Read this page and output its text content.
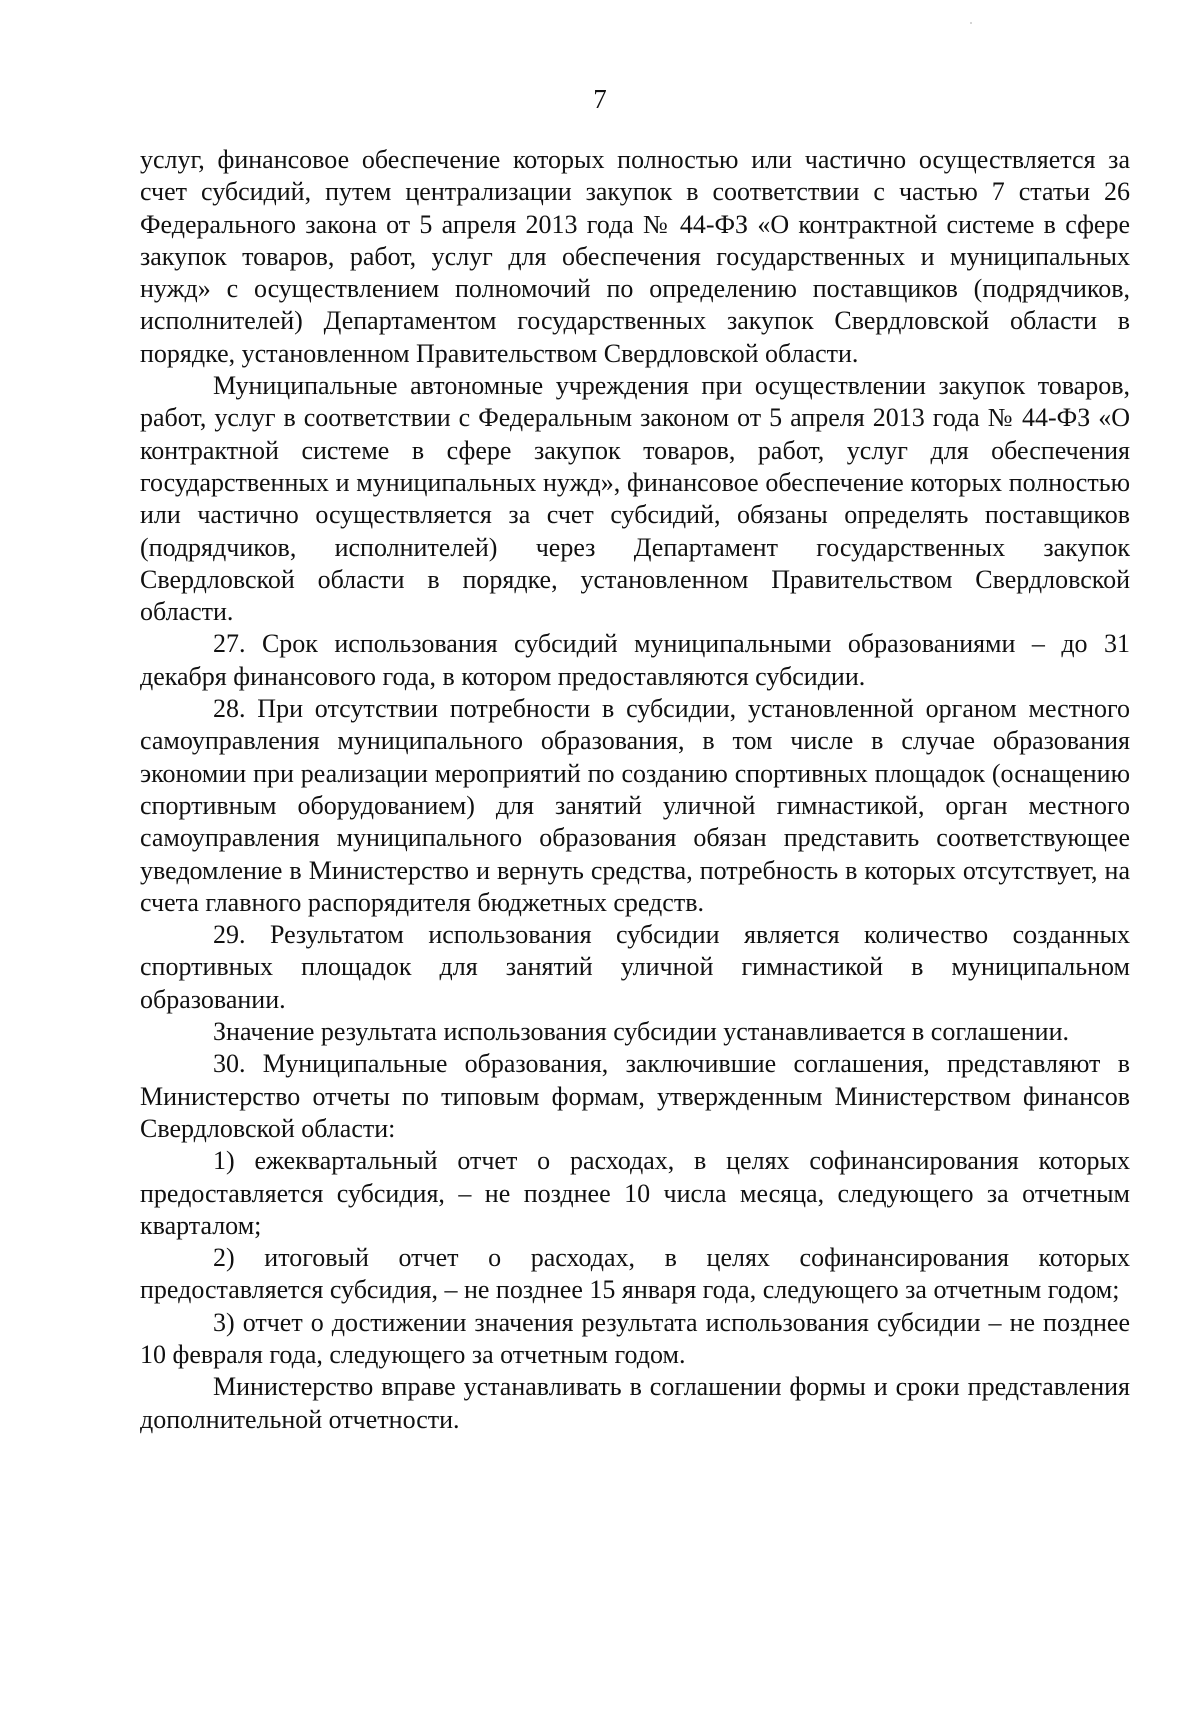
7

услуг, финансовое обеспечение которых полностью или частично осуществляется за счет субсидий, путем централизации закупок в соответствии с частью 7 статьи 26 Федерального закона от 5 апреля 2013 года № 44-ФЗ «О контрактной системе в сфере закупок товаров, работ, услуг для обеспечения государственных и муниципальных нужд» с осуществлением полномочий по определению поставщиков (подрядчиков, исполнителей) Департаментом государственных закупок Свердловской области в порядке, установленном Правительством Свердловской области.

Муниципальные автономные учреждения при осуществлении закупок товаров, работ, услуг в соответствии с Федеральным законом от 5 апреля 2013 года № 44-ФЗ «О контрактной системе в сфере закупок товаров, работ, услуг для обеспечения государственных и муниципальных нужд», финансовое обеспечение которых полностью или частично осуществляется за счет субсидий, обязаны определять поставщиков (подрядчиков, исполнителей) через Департамент государственных закупок Свердловской области в порядке, установленном Правительством Свердловской области.

27. Срок использования субсидий муниципальными образованиями – до 31 декабря финансового года, в котором предоставляются субсидии.

28. При отсутствии потребности в субсидии, установленной органом местного самоуправления муниципального образования, в том числе в случае образования экономии при реализации мероприятий по созданию спортивных площадок (оснащению спортивным оборудованием) для занятий уличной гимнастикой, орган местного самоуправления муниципального образования обязан представить соответствующее уведомление в Министерство и вернуть средства, потребность в которых отсутствует, на счета главного распорядителя бюджетных средств.

29. Результатом использования субсидии является количество созданных спортивных площадок для занятий уличной гимнастикой в муниципальном образовании.

Значение результата использования субсидии устанавливается в соглашении.

30. Муниципальные образования, заключившие соглашения, представляют в Министерство отчеты по типовым формам, утвержденным Министерством финансов Свердловской области:

1) ежеквартальный отчет о расходах, в целях софинансирования которых предоставляется субсидия, – не позднее 10 числа месяца, следующего за отчетным кварталом;

2) итоговый отчет о расходах, в целях софинансирования которых предоставляется субсидия, – не позднее 15 января года, следующего за отчетным годом;

3) отчет о достижении значения результата использования субсидии – не позднее 10 февраля года, следующего за отчетным годом.

Министерство вправе устанавливать в соглашении формы и сроки представления дополнительной отчетности.
